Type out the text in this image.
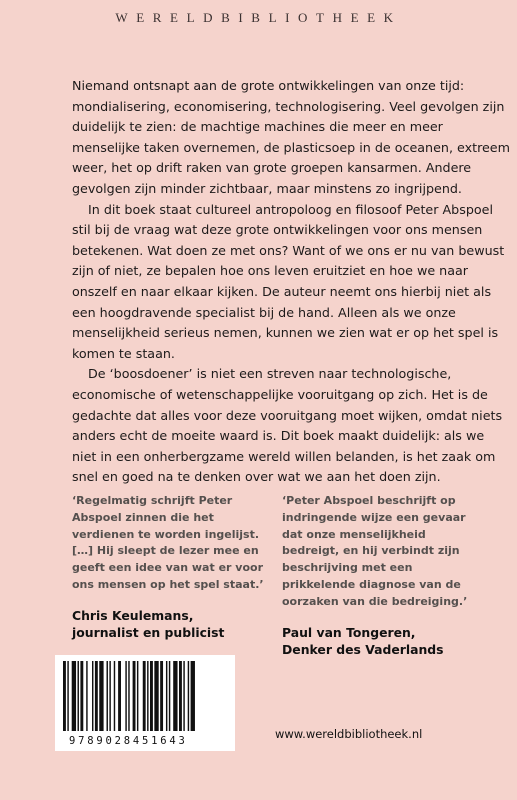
WERELDBIBLIOTHEEK

Niemand ontsnapt aan de grote ontwikkelingen van onze tijd: mondialisering, economisering, technologisering. Veel gevolgen zijn duidelijk te zien: de machtige machines die meer en meer menselijke taken overnemen, de plasticsoep in de oceanen, extreem weer, het op drift raken van grote groepen kansarmen. Andere gevolgen zijn minder zichtbaar, maar minstens zo ingrijpend.

In dit boek staat cultureel antropoloog en filosoof Peter Abspoel stil bij de vraag wat deze grote ontwikkelingen voor ons mensen betekenen. Wat doen ze met ons? Want of we ons er nu van bewust zijn of niet, ze bepalen hoe ons leven eruitziet en hoe we naar onszelf en naar elkaar kijken. De auteur neemt ons hierbij niet als een hoogdravende specialist bij de hand. Alleen als we onze menselijkheid serieus nemen, kunnen we zien wat er op het spel is komen te staan.

De ‘boosdoener’ is niet een streven naar technologische, economische of wetenschappelijke vooruitgang op zich. Het is de gedachte dat alles voor deze vooruitgang moet wijken, omdat niets anders echt de moeite waard is. Dit boek maakt duidelijk: als we niet in een onherbergzame wereld willen belanden, is het zaak om snel en goed na te denken over wat we aan het doen zijn.

‘Regelmatig schrijft Peter Abspoel zinnen die het verdienen te worden ingelijst. […] Hij sleept de lezer mee en geeft een idee van wat er voor ons mensen op het spel staat.’
Chris Keulemans,
journalist en publicist
‘Peter Abspoel beschrijft op indringende wijze een gevaar dat onze menselijkheid bedreigt, en hij verbindt zijn beschrijving met een prikkelende diagnose van de oorzaken van die bedreiging.’
Paul van Tongeren,
Denker des Vaderlands
9789028451643	www.wereldbibliotheek.nl
